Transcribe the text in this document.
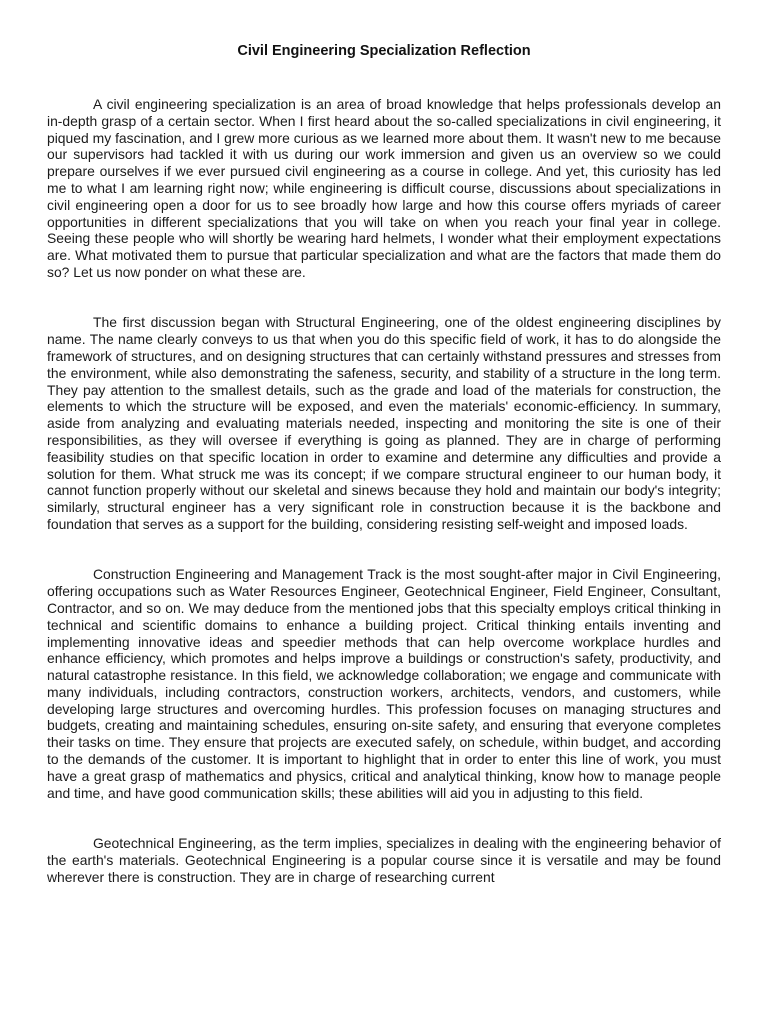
Civil Engineering Specialization Reflection

A civil engineering specialization is an area of broad knowledge that helps professionals develop an in-depth grasp of a certain sector. When I first heard about the so-called specializations in civil engineering, it piqued my fascination, and I grew more curious as we learned more about them. It wasn't new to me because our supervisors had tackled it with us during our work immersion and given us an overview so we could prepare ourselves if we ever pursued civil engineering as a course in college. And yet, this curiosity has led me to what I am learning right now; while engineering is difficult course, discussions about specializations in civil engineering open a door for us to see broadly how large and how this course offers myriads of career opportunities in different specializations that you will take on when you reach your final year in college. Seeing these people who will shortly be wearing hard helmets, I wonder what their employment expectations are. What motivated them to pursue that particular specialization and what are the factors that made them do so? Let us now ponder on what these are.

The first discussion began with Structural Engineering, one of the oldest engineering disciplines by name. The name clearly conveys to us that when you do this specific field of work, it has to do alongside the framework of structures, and on designing structures that can certainly withstand pressures and stresses from the environment, while also demonstrating the safeness, security, and stability of a structure in the long term. They pay attention to the smallest details, such as the grade and load of the materials for construction, the elements to which the structure will be exposed, and even the materials' economic-efficiency. In summary, aside from analyzing and evaluating materials needed, inspecting and monitoring the site is one of their responsibilities, as they will oversee if everything is going as planned. They are in charge of performing feasibility studies on that specific location in order to examine and determine any difficulties and provide a solution for them. What struck me was its concept; if we compare structural engineer to our human body, it cannot function properly without our skeletal and sinews because they hold and maintain our body's integrity; similarly, structural engineer has a very significant role in construction because it is the backbone and foundation that serves as a support for the building, considering resisting self-weight and imposed loads.

Construction Engineering and Management Track is the most sought-after major in Civil Engineering, offering occupations such as Water Resources Engineer, Geotechnical Engineer, Field Engineer, Consultant, Contractor, and so on. We may deduce from the mentioned jobs that this specialty employs critical thinking in technical and scientific domains to enhance a building project. Critical thinking entails inventing and implementing innovative ideas and speedier methods that can help overcome workplace hurdles and enhance efficiency, which promotes and helps improve a buildings or construction's safety, productivity, and natural catastrophe resistance. In this field, we acknowledge collaboration; we engage and communicate with many individuals, including contractors, construction workers, architects, vendors, and customers, while developing large structures and overcoming hurdles. This profession focuses on managing structures and budgets, creating and maintaining schedules, ensuring on-site safety, and ensuring that everyone completes their tasks on time. They ensure that projects are executed safely, on schedule, within budget, and according to the demands of the customer. It is important to highlight that in order to enter this line of work, you must have a great grasp of mathematics and physics, critical and analytical thinking, know how to manage people and time, and have good communication skills; these abilities will aid you in adjusting to this field.

Geotechnical Engineering, as the term implies, specializes in dealing with the engineering behavior of the earth's materials. Geotechnical Engineering is a popular course since it is versatile and may be found wherever there is construction. They are in charge of researching current
